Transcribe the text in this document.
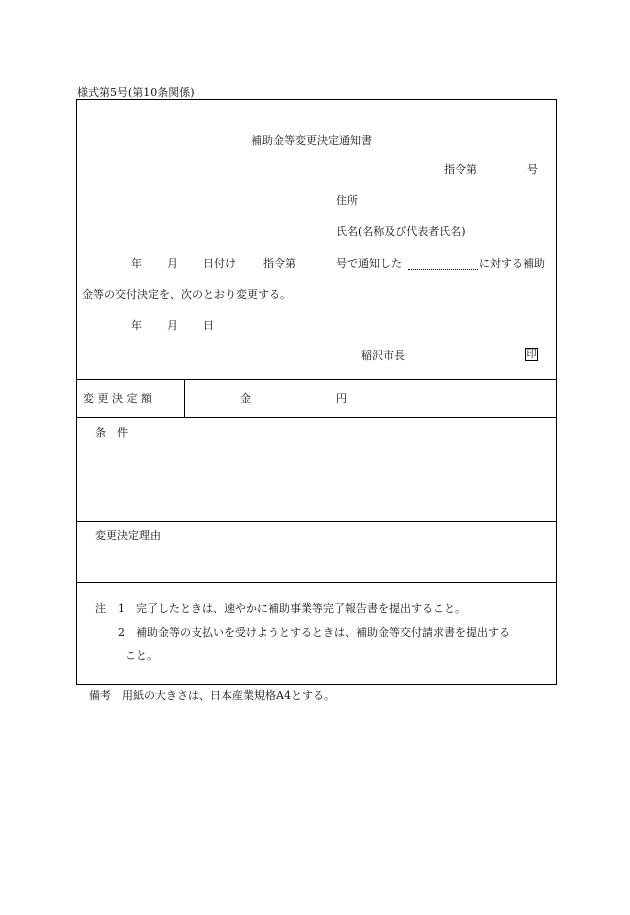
様式第5号(第10条関係)
補助金等変更決定通知書
指令第	号
住所
氏名(名称及び代表者氏名)
年 月 日付け 指令第	号で通知した	に対する補助
金等の交付決定を、次のとおり変更する。
年 月 日
稲沢市長	印
変 更 決 定 額	金	円
条　件
変更決定理由
注 1 完了したときは、速やかに補助事業等完了報告書を提出すること。
2 補助金等の支払いを受けようとするときは、補助金等交付請求書を提出する
こと。
備考　用紙の大きさは、日本産業規格A4とする。
